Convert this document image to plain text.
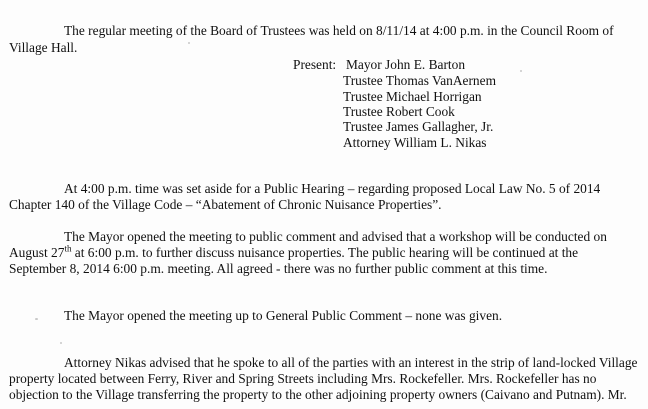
The regular meeting of the Board of Trustees was held on 8/11/14 at 4:00 p.m. in the Council Room of
Village Hall.
Present: Mayor John E. Barton
Trustee Thomas VanAernem
Trustee Michael Horrigan
Trustee Robert Cook
Trustee James Gallagher, Jr.
Attorney William L. Nikas
At 4:00 p.m. time was set aside for a Public Hearing – regarding proposed Local Law No. 5 of 2014
Chapter 140 of the Village Code – “Abatement of Chronic Nuisance Properties”.
The Mayor opened the meeting to public comment and advised that a workshop will be conducted on
August 27th at 6:00 p.m. to further discuss nuisance properties. The public hearing will be continued at the
September 8, 2014 6:00 p.m. meeting. All agreed - there was no further public comment at this time.
The Mayor opened the meeting up to General Public Comment – none was given.
Attorney Nikas advised that he spoke to all of the parties with an interest in the strip of land-locked Village
property located between Ferry, River and Spring Streets including Mrs. Rockefeller. Mrs. Rockefeller has no
objection to the Village transferring the property to the other adjoining property owners (Caivano and Putnam). Mr.
